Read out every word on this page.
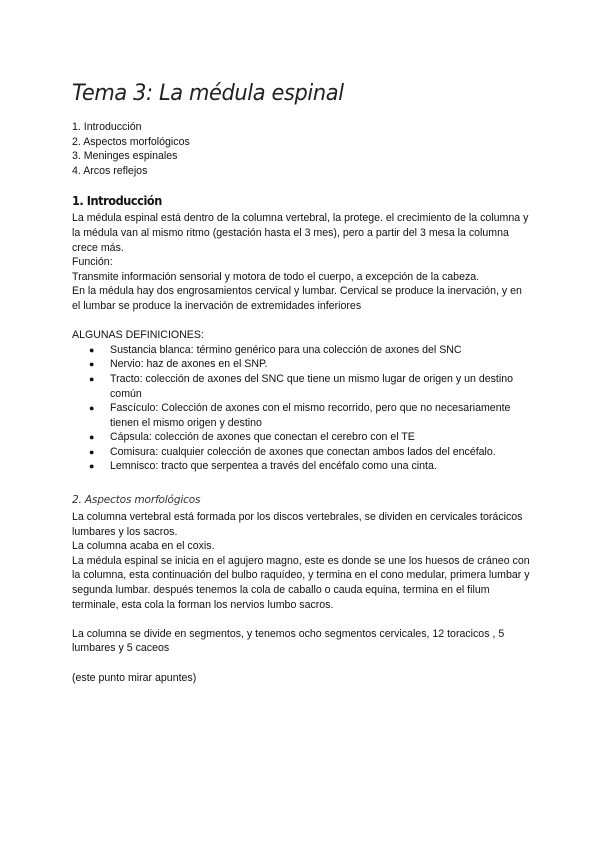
Tema 3: La médula espinal
1. Introducción
2. Aspectos morfológicos
3. Meninges espinales
4. Arcos reflejos
1. Introducción

La médula espinal está dentro de la columna vertebral, la protege. el crecimiento de la columna y la médula van al mismo ritmo (gestación hasta el 3 mes), pero a partir del 3 mesa la columna crece más.

Función:

Transmite información sensorial y motora de todo el cuerpo, a excepción de la cabeza.

En la médula hay dos engrosamientos cervical y lumbar. Cervical se produce la inervación, y en el lumbar se produce la inervación de extremidades inferiores

ALGUNAS DEFINICIONES:

● Sustancia blanca: término genérico para una colección de axones del SNC
● Nervio: haz de axones en el SNP.
● Tracto: colección de axones del SNC que tiene un mismo lugar de origen y un destino común
● Fascículo: Colección de axones con el mismo recorrido, pero que no necesariamente tienen el mismo origen y destino
● Cápsula: colección de axones que conectan el cerebro con el TE
● Comisura: cualquier colección de axones que conectan ambos lados del encéfalo.
● Lemnisco: tracto que serpentea a través del encéfalo como una cinta.
2. Aspectos morfológicos

La columna vertebral está formada por los discos vertebrales, se dividen en cervicales torácicos lumbares y los sacros.

La columna acaba en el coxis.

La médula espinal se inicia en el agujero magno, este es donde se une los huesos de cráneo con la columna, esta continuación del bulbo raquídeo, y termina en el cono medular, primera lumbar y segunda lumbar. después tenemos la cola de caballo o cauda equina, termina en el filum terminale, esta cola la forman los nervios lumbo sacros.

La columna se divide en segmentos, y tenemos ocho segmentos cervicales, 12 toracicos , 5 lumbares y 5 caceos

(este punto mirar apuntes)
